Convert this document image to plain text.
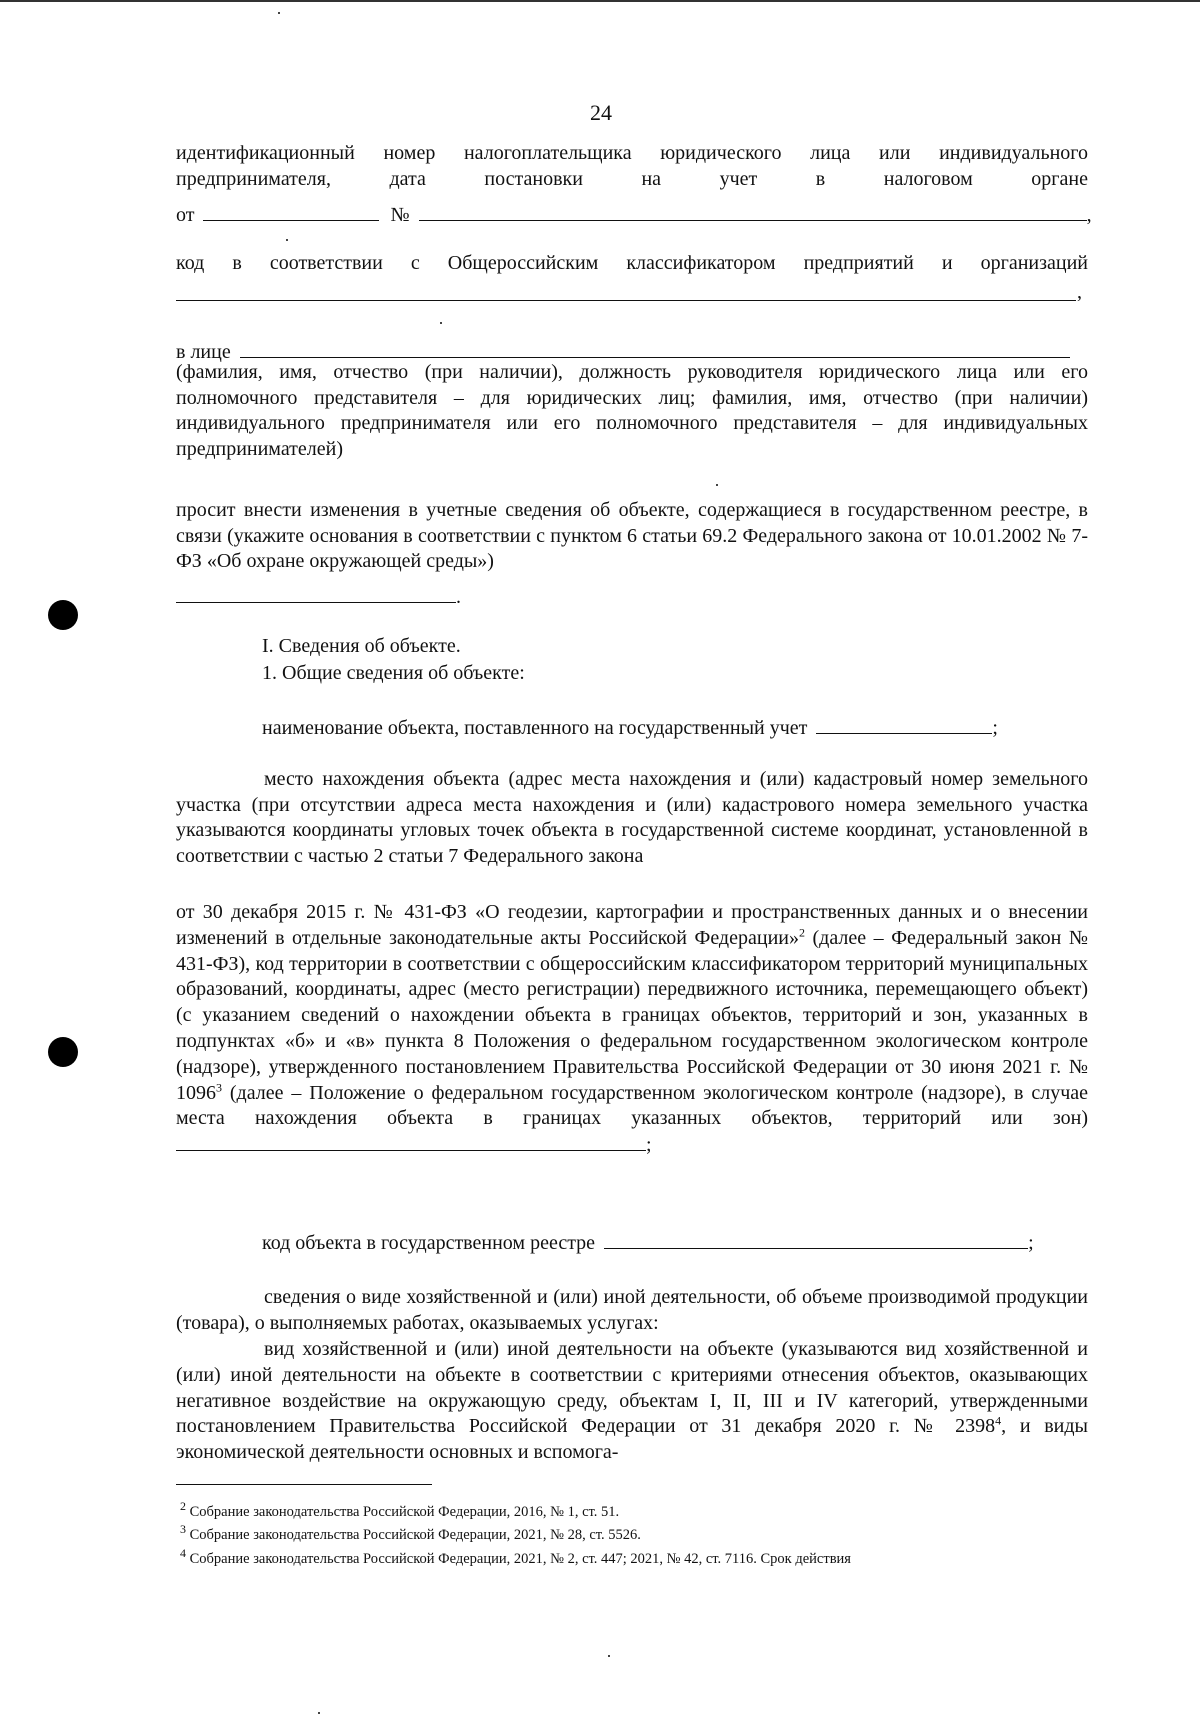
24
идентификационный номер налогоплательщика юридического лица или индивидуального
предпринимателя,	дата	постановки	на	учет	в	налоговом	органе
от	№	,
код в соответствии с Общероссийским классификатором предприятий и организаций
,
в лице
(фамилия, имя, отчество (при наличии), должность руководителя юридического лица или его полномочного представителя – для юридических лиц; фамилия, имя, отчество (при наличии) индивидуального предпринимателя или его полномочного представителя – для индивидуальных предпринимателей)
просит внести изменения в учетные сведения об объекте, содержащиеся в государственном реестре, в связи (укажите основания в соответствии с пунктом 6 статьи 69.2 Федерального закона от 10.01.2002 № 7-ФЗ «Об охране окружающей среды»)
.
I. Сведения об объекте.
1. Общие сведения об объекте:
наименование объекта, поставленного на государственный учет	;
место нахождения объекта (адрес места нахождения и (или) кадастровый номер земельного участка (при отсутствии адреса места нахождения и (или) кадастрового номера земельного участка указываются координаты угловых точек объекта в государственной системе координат, установленной в соответствии с частью 2 статьи 7 Федерального закона
от 30 декабря 2015 г. № 431-ФЗ «О геодезии, картографии и пространственных данных и о внесении изменений в отдельные законодательные акты Российской Федерации»$^2$ (далее – Федеральный закон № 431-ФЗ), код территории в соответствии с общероссийским классификатором территорий муниципальных образований, координаты, адрес (место регистрации) передвижного источника, перемещающего объект) (с указанием сведений о нахождении объекта в границах объектов, территорий и зон, указанных в подпунктах «б» и «в» пункта 8 Положения о федеральном государственном экологическом контроле (надзоре), утвержденного постановлением Правительства Российской Федерации от 30 июня 2021 г. № 1096$^3$ (далее – Положение о федеральном государственном экологическом контроле (надзоре), в случае места нахождения объекта в границах указанных объектов, территорий или зон);
код объекта в государственном реестре	;
сведения о виде хозяйственной и (или) иной деятельности, об объеме производимой продукции (товара), о выполняемых работах, оказываемых услугах:
вид хозяйственной и (или) иной деятельности на объекте (указываются вид хозяйственной и (или) иной деятельности на объекте в соответствии с критериями отнесения объектов, оказывающих негативное воздействие на окружающую среду, объектам I, II, III и IV категорий, утвержденными постановлением Правительства Российской Федерации от 31 декабря 2020 г. № 2398$^4$, и виды экономической деятельности основных и вспомога-
$^2$ Собрание законодательства Российской Федерации, 2016, № 1, ст. 51.
$^3$ Собрание законодательства Российской Федерации, 2021, № 28, ст. 5526.
$^4$ Собрание законодательства Российской Федерации, 2021, № 2, ст. 447; 2021, № 42, ст. 7116. Срок действия
